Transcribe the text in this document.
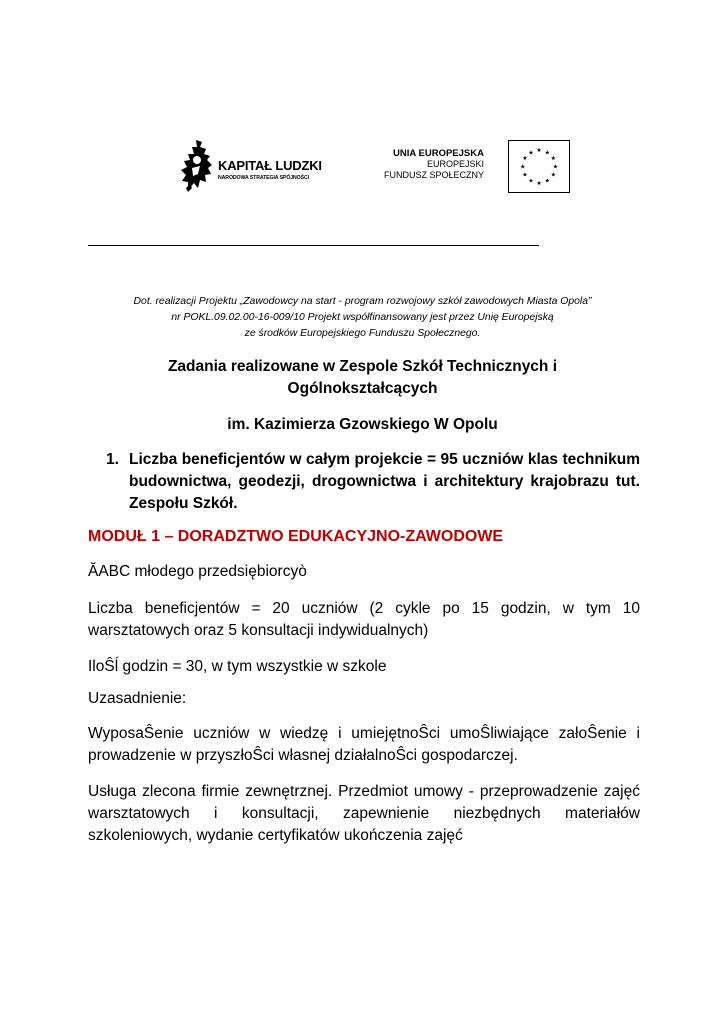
KAPITAŁ LUDZKI
NARODOWA STRATEGIA SPÓJNOŚCI
UNIA EUROPEJSKA
EUROPEJSKI
FUNDUSZ SPOŁECZNY
★ ★
★
★
★
★
★
★
★
★
★
★
Dot. realizacji Projektu „Zawodowcy na start - program rozwojowy szkół zawodowych Miasta Opola”
nr POKL.09.02.00-16-009/10 Projekt współfinansowany jest przez Unię Europejską
ze środków Europejskiego Funduszu Społecznego.
Zadania realizowane w Zespole Szkół Technicznych i
Ogólnokształcących
im. Kazimierza Gzowskiego W Opolu
1. Liczba beneficjentów w całym projekcie = 95 uczniów klas technikum budownictwa, geodezji, drogownictwa i architektury krajobrazu tut. Zespołu Szkół.
MODUŁ 1 – DORADZTWO EDUKACYJNO-ZAWODOWE
ĂABC młodego przedsiębiorcyò
Liczba beneficjentów = 20 uczniów (2 cykle po 15 godzin, w tym 10 warsztatowych oraz 5 konsultacji indywidualnych)
IloŜĺ godzin = 30, w tym wszystkie w szkole
Uzasadnienie:
WyposaŜenie uczniów w wiedzę i umiejętnoŜci umoŜliwiające załoŜenie i prowadzenie w przyszłoŜci własnej działalnoŜci gospodarczej.
Usługa zlecona firmie zewnętrznej. Przedmiot umowy - przeprowadzenie zajęć warsztatowych i konsultacji, zapewnienie niezbędnych materiałów szkoleniowych, wydanie certyfikatów ukończenia zajęć
